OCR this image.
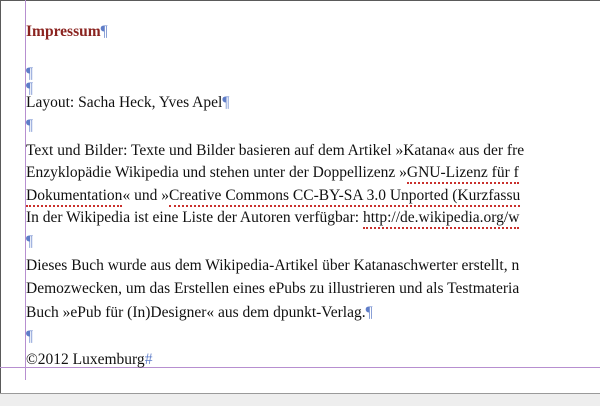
Impressum¶
¶
¶
Layout: Sacha Heck, Yves Apel¶
¶
Text und Bilder: Texte und Bilder basieren auf dem Artikel »Katana« aus der fre
Enzyklopädie Wikipedia und stehen unter der Doppellizenz »GNU-Lizenz für f
Dokumentation« und »Creative Commons CC-BY-SA 3.0 Unported (Kurzfassu
In der Wikipedia ist eine Liste der Autoren verfügbar: http://de.wikipedia.org/w
¶
Dieses Buch wurde aus dem Wikipedia-Artikel über Katanaschwerter erstellt, n
Demozwecken, um das Erstellen eines ePubs zu illustrieren und als Testmateria
Buch »ePub für (In)Designer« aus dem dpunkt-Verlag.¶
¶
©2012 Luxemburg#
